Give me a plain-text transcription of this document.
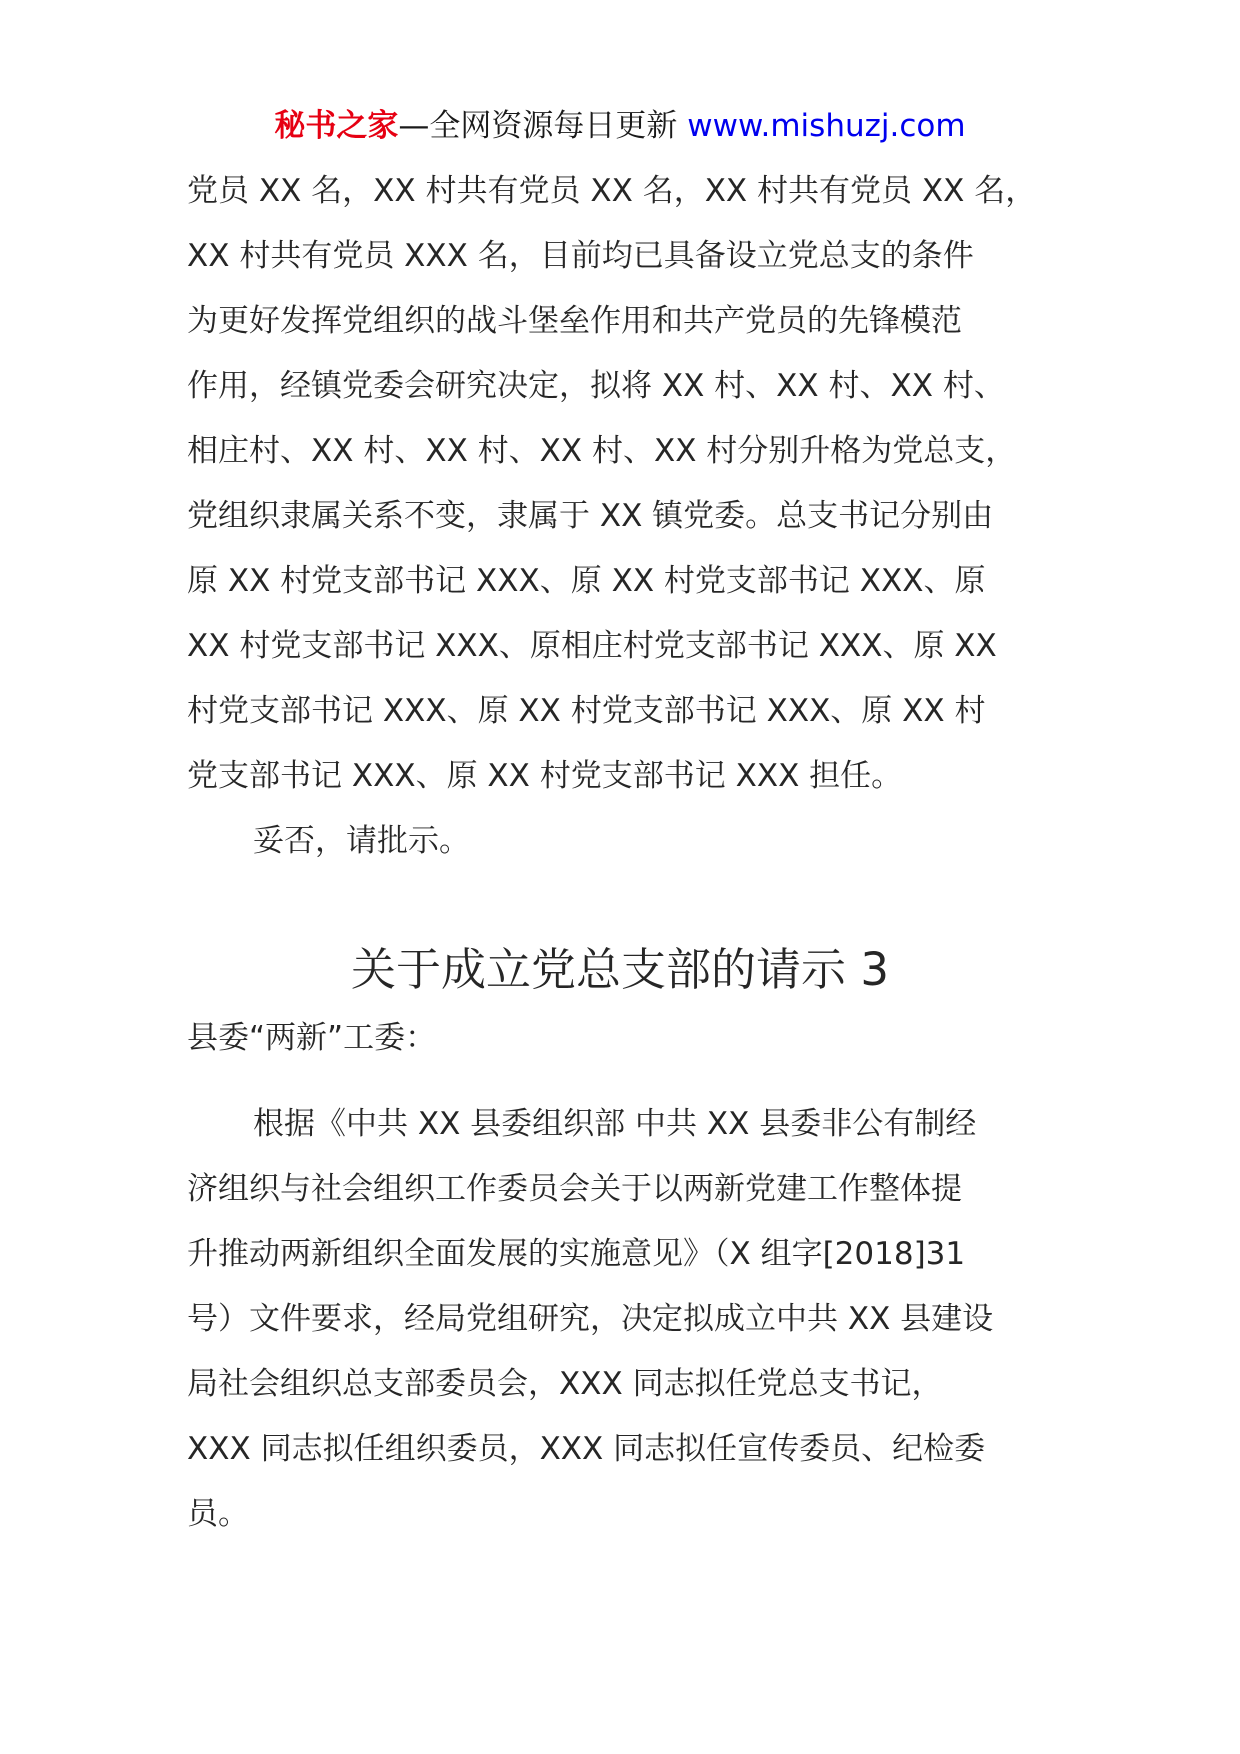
秘书之家—全网资源每日更新 www.mishuzj.com
党员 XX 名，XX 村共有党员 XX 名，XX 村共有党员 XX 名，
XX 村共有党员 XXX 名，目前均已具备设立党总支的条件
为更好发挥党组织的战斗堡垒作用和共产党员的先锋模范
作用，经镇党委会研究决定，拟将 XX 村、XX 村、XX 村、
相庄村、XX 村、XX 村、XX 村、XX 村分别升格为党总支，
党组织隶属关系不变，隶属于 XX 镇党委。总支书记分别由
原 XX 村党支部书记 XXX、原 XX 村党支部书记 XXX、原
XX 村党支部书记 XXX、原相庄村党支部书记 XXX、原 XX
村党支部书记 XXX、原 XX 村党支部书记 XXX、原 XX 村
党支部书记 XXX、原 XX 村党支部书记 XXX 担任。
妥否，请批示。
关于成立党总支部的请示 3
县委“两新”工委：
根据《中共 XX 县委组织部 中共 XX 县委非公有制经
济组织与社会组织工作委员会关于以两新党建工作整体提
升推动两新组织全面发展的实施意见》（X 组字[2018]31
号）文件要求，经局党组研究，决定拟成立中共 XX 县建设
局社会组织总支部委员会，XXX 同志拟任党总支书记，
XXX 同志拟任组织委员，XXX 同志拟任宣传委员、纪检委
员。
